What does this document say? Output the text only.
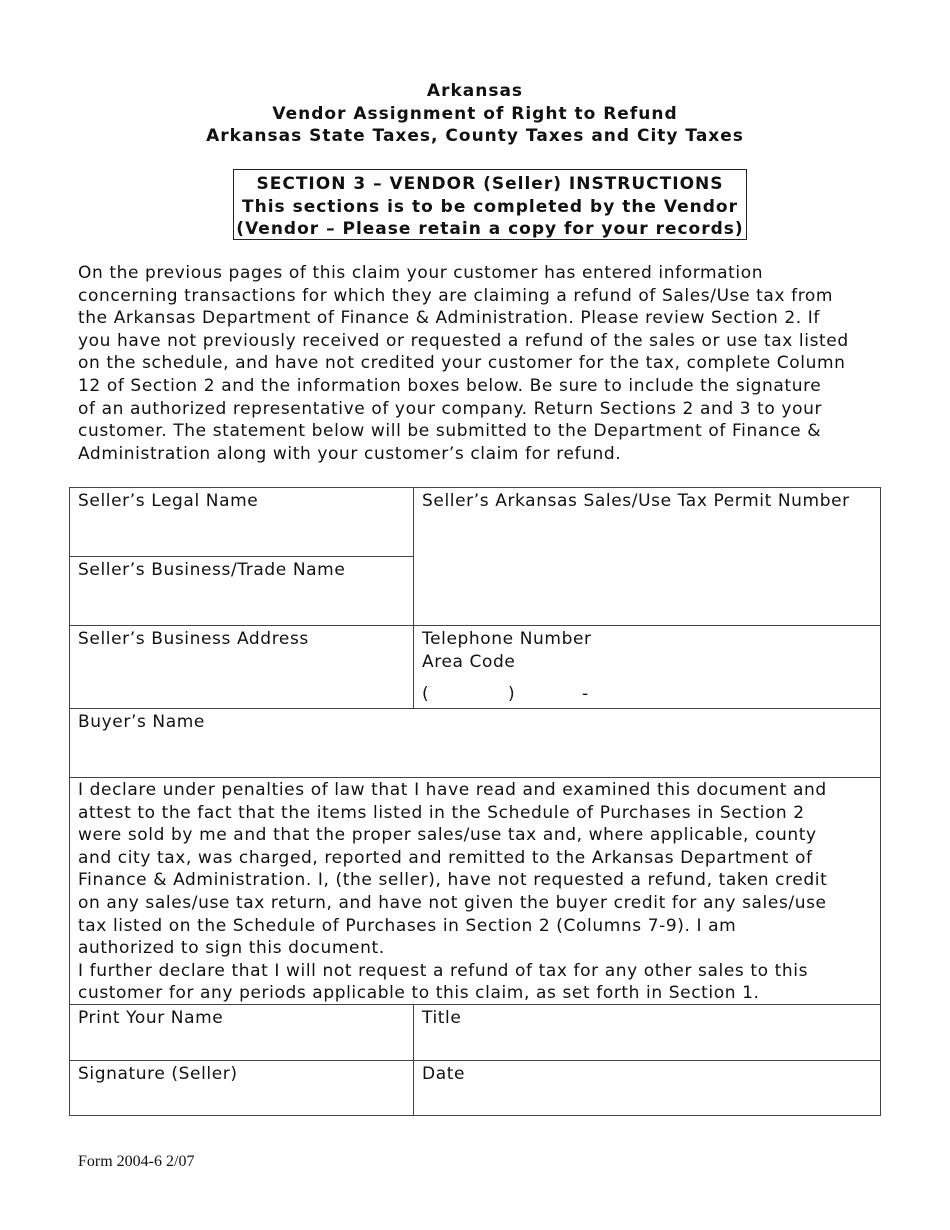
Arkansas
Vendor Assignment of Right to Refund
Arkansas State Taxes, County Taxes and City Taxes
SECTION 3 – VENDOR (Seller) INSTRUCTIONS
This sections is to be completed by the Vendor
(Vendor – Please retain a copy for your records)
On the previous pages of this claim your customer has entered information
concerning transactions for which they are claiming a refund of Sales/Use tax from
the Arkansas Department of Finance & Administration. Please review Section 2. If
you have not previously received or requested a refund of the sales or use tax listed
on the schedule, and have not credited your customer for the tax, complete Column
12 of Section 2 and the information boxes below. Be sure to include the signature
of an authorized representative of your company. Return Sections 2 and 3 to your
customer. The statement below will be submitted to the Department of Finance &
Administration along with your customer’s claim for refund.
Seller’s Legal Name	Seller’s Arkansas Sales/Use Tax Permit Number
Seller’s Business/Trade Name
Seller’s Business Address	Telephone Number
Area Code
(	)	-
Buyer’s Name
I declare under penalties of law that I have read and examined this document and
attest to the fact that the items listed in the Schedule of Purchases in Section 2
were sold by me and that the proper sales/use tax and, where applicable, county
and city tax, was charged, reported and remitted to the Arkansas Department of
Finance & Administration. I, (the seller), have not requested a refund, taken credit
on any sales/use tax return, and have not given the buyer credit for any sales/use
tax listed on the Schedule of Purchases in Section 2 (Columns 7-9). I am
authorized to sign this document.
I further declare that I will not request a refund of tax for any other sales to this
customer for any periods applicable to this claim, as set forth in Section 1.
Print Your Name	Title
Signature (Seller)	Date
Form 2004-6 2/07
